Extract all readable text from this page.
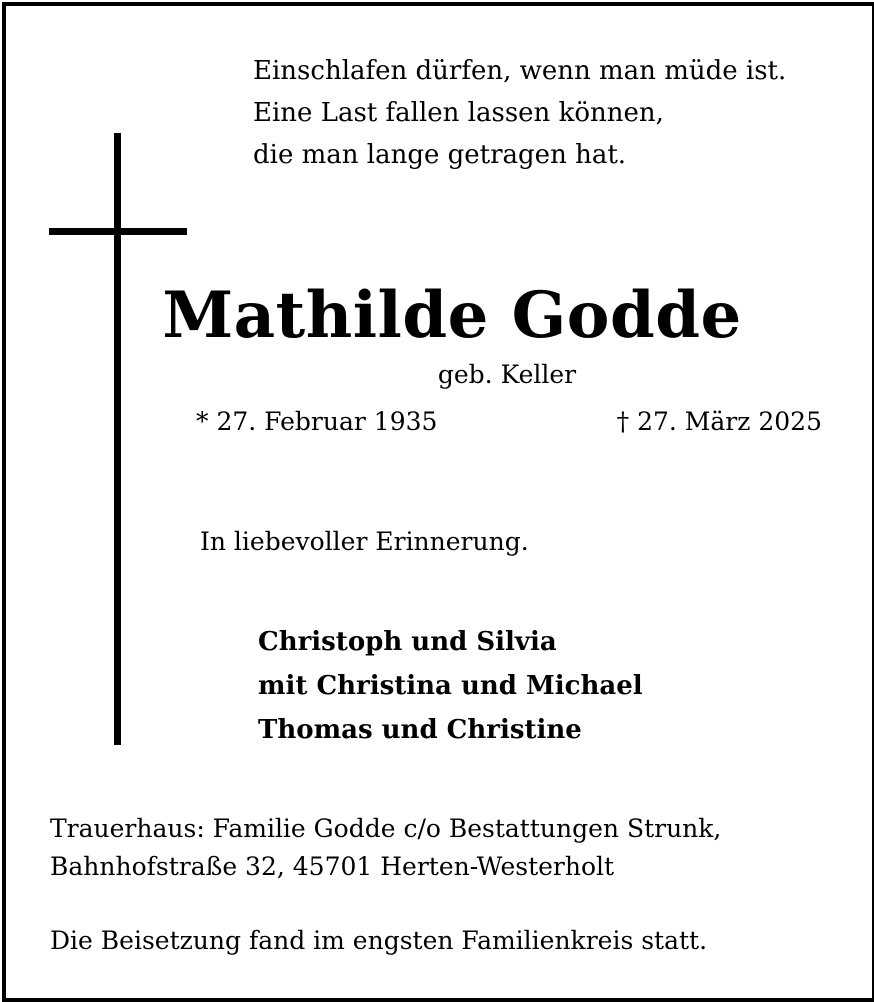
Einschlafen dürfen, wenn man müde ist.
Eine Last fallen lassen können,
die man lange getragen hat.
Mathilde Godde
geb. Keller
* 27. Februar 1935	† 27. März 2025
In liebevoller Erinnerung.
Christoph und Silvia
mit Christina und Michael
Thomas und Christine
Trauerhaus: Familie Godde c/o Bestattungen Strunk,
Bahnhofstraße 32, 45701 Herten-Westerholt
Die Beisetzung fand im engsten Familienkreis statt.
